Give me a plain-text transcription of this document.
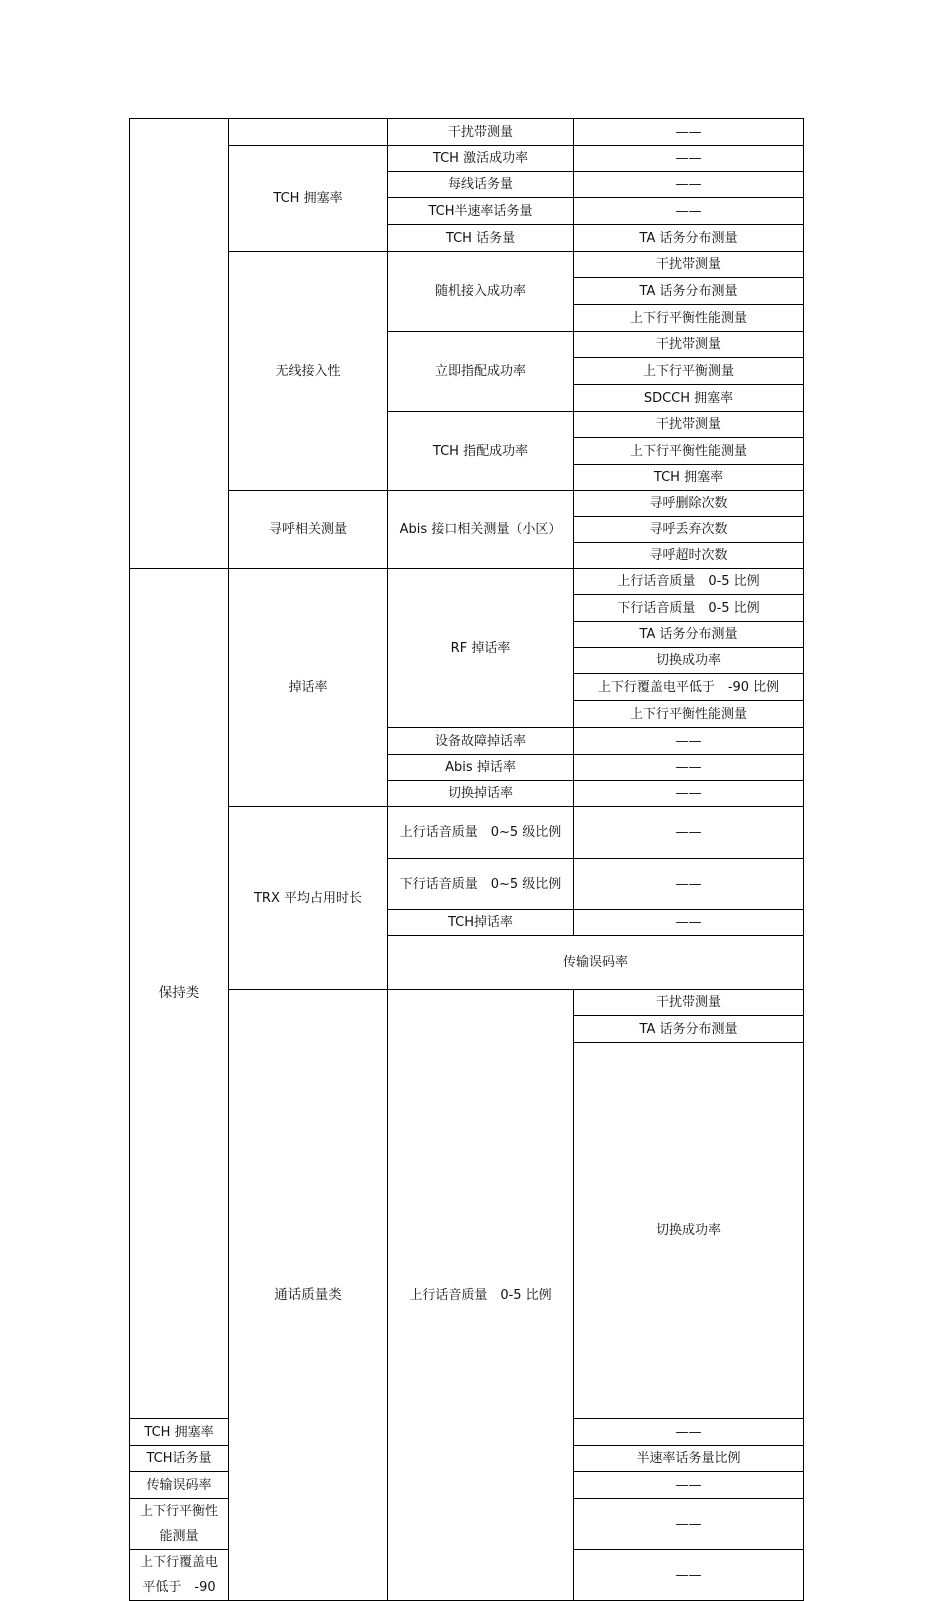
		干扰带测量	——	
	TCH 拥塞率	TCH 激活成功率	——	
		每线话务量	——	
		TCH半速率话务量	——	
		TCH 话务量	TA 话务分布测量	
	无线接入性	随机接入成功率	干扰带测量	
			TA 话务分布测量	
			上下行平衡性能测量	
		立即指配成功率	干扰带测量	
			上下行平衡测量	
			SDCCH 拥塞率	
		TCH 指配成功率	干扰带测量	
			上下行平衡性能测量	
			TCH 拥塞率	
	寻呼相关测量	Abis 接口相关测量（小区）	寻呼删除次数	
			寻呼丢弃次数	
			寻呼超时次数	
保持类	掉话率	RF 掉话率	上行话音质量　0-5 比例	
			下行话音质量　0-5 比例	
			TA 话务分布测量	
			切换成功率	
			上下行覆盖电平低于　-90 比例	
			上下行平衡性能测量	
		设备故障掉话率	——	
		Abis 掉话率	——	
		切换掉话率	——	
	TRX 平均占用时长	上行话音质量　0~5 级比例	——	
		下行话音质量　0~5 级比例	——	
		TCH掉话率	——	
		传输误码率		
	通话质量类	上行话音质量　0-5 比例	干扰带测量	
			TA 话务分布测量	
			切换成功率	
TCH 拥塞率			——	
TCH话务量			半速率话务量比例	
传输误码率			——	
上下行平衡性能测量			——	
上下行覆盖电平低于　-90			——	
